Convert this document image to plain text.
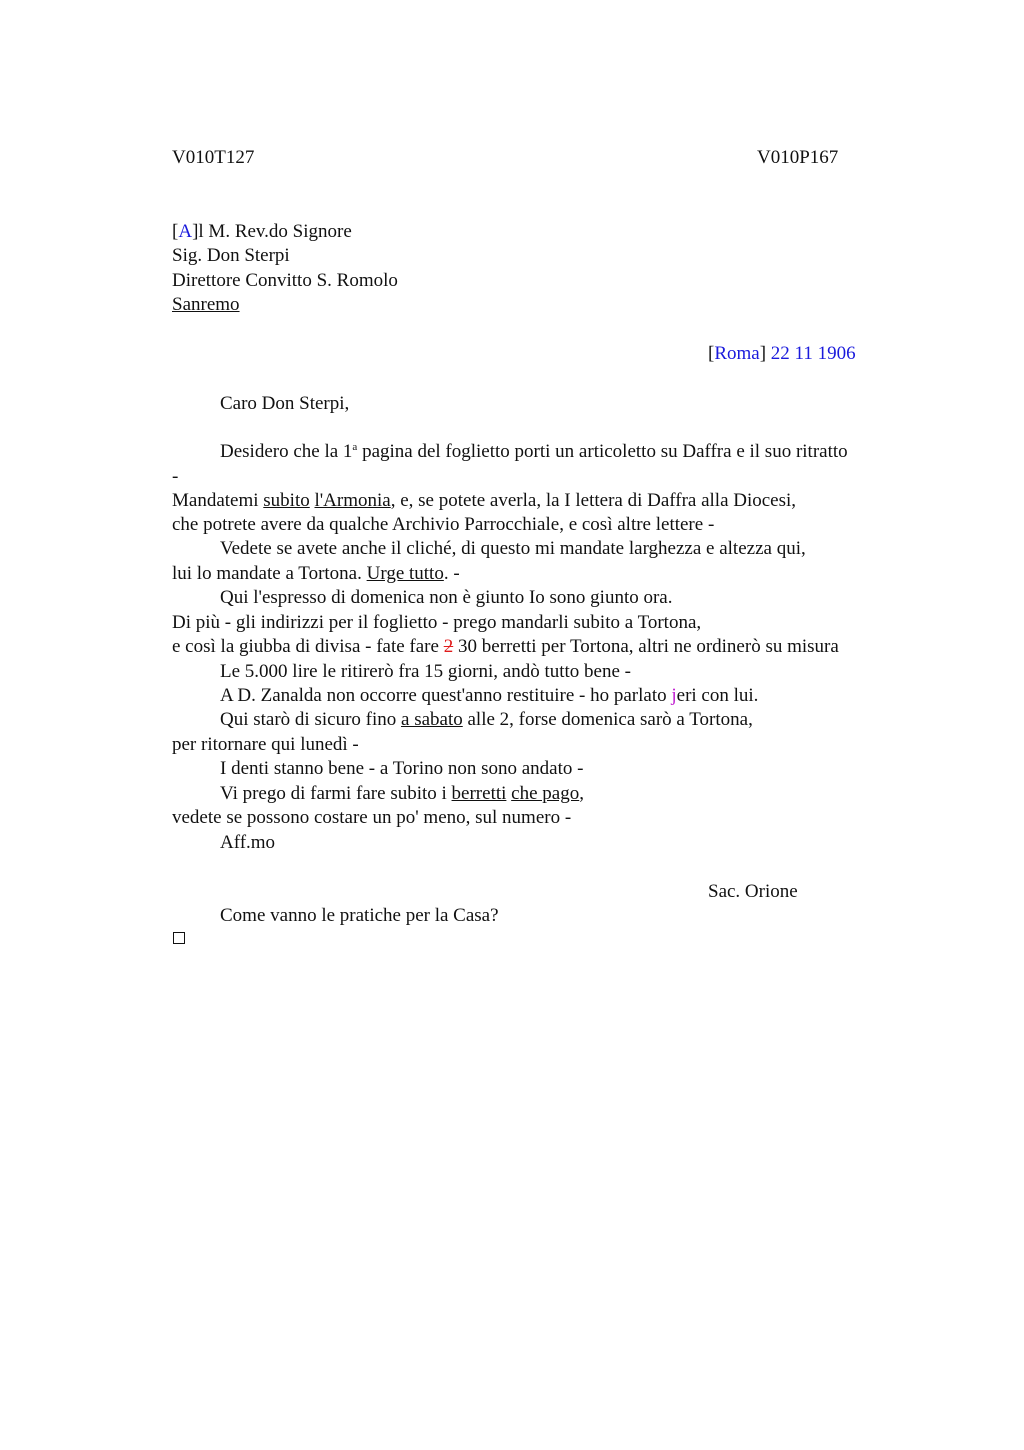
V010T127	V010P167
[A]l M. Rev.do Signore
Sig. Don Sterpi
Direttore Convitto S. Romolo
Sanremo
[Roma] 22 11 1906
Caro Don Sterpi,
Desidero che la 1$^a$ pagina del foglietto porti un articoletto su Daffra e il suo ritratto
-
Mandatemi subito l'Armonia, e, se potete averla, la I lettera di Daffra alla Diocesi,
che potrete avere da qualche Archivio Parrocchiale, e così altre lettere -
Vedete se avete anche il cliché, di questo mi mandate larghezza e altezza qui,
lui lo mandate a Tortona. Urge tutto. -
Qui l'espresso di domenica non è giunto Io sono giunto ora.
Di più - gli indirizzi per il foglietto - prego mandarli subito a Tortona,
e così la giubba di divisa - fate fare 2 30 berretti per Tortona, altri ne ordinerò su misura
Le 5.000 lire le ritirerò fra 15 giorni, andò tutto bene -
A D. Zanalda non occorre quest'anno restituire - ho parlato jeri con lui.
Qui starò di sicuro fino a sabato alle 2, forse domenica sarò a Tortona,
per ritornare qui lunedì -
I denti stanno bene - a Torino non sono andato -
Vi prego di farmi fare subito i berretti che pago,
vedete se possono costare un po' meno, sul numero -
Aff.mo
Sac. Orione
Come vanno le pratiche per la Casa?
